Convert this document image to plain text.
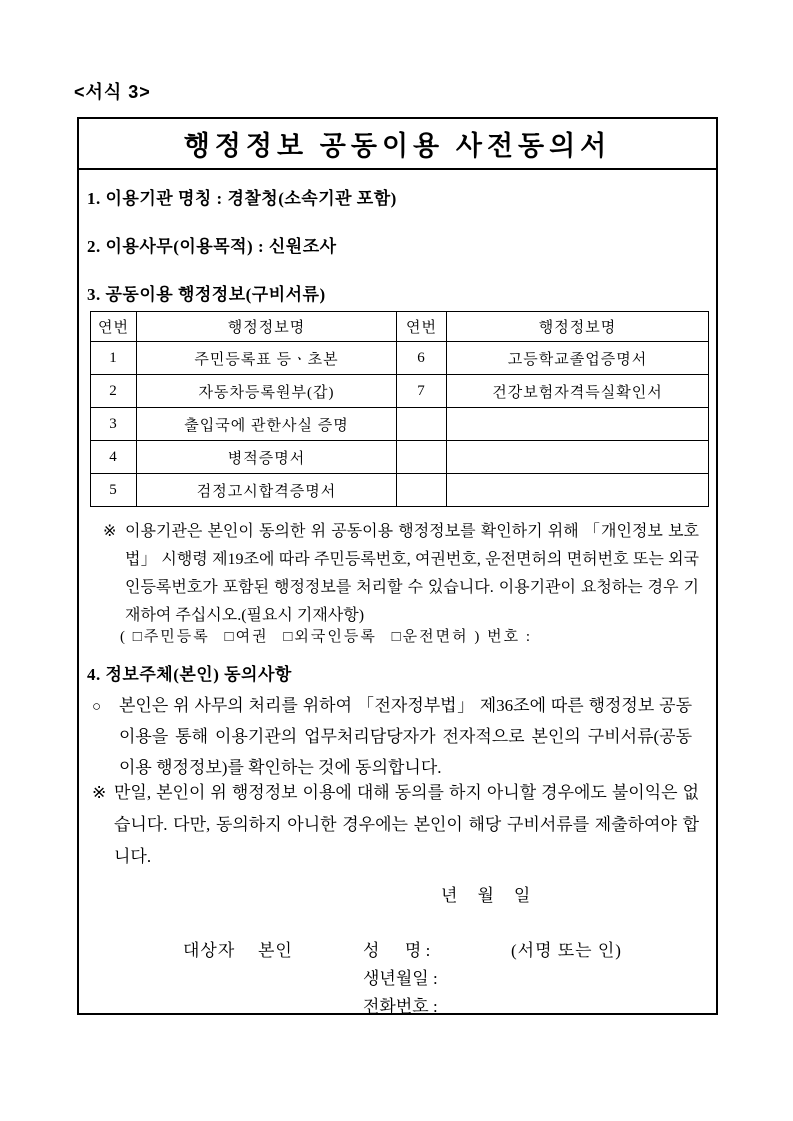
<서식 3>
행정정보 공동이용 사전동의서
1. 이용기관 명칭 : 경찰청(소속기관 포함)
2. 이용사무(이용목적) : 신원조사
3. 공동이용 행정정보(구비서류)
연번	행정정보명	연번	행정정보명
1	주민등록표 등ㆍ초본	6	고등학교졸업증명서
2	자동차등록원부(갑)	7	건강보험자격득실확인서
3	출입국에 관한사실 증명		
4	병적증명서		
5	검정고시합격증명서		
※ 이용기관은 본인이 동의한 위 공동이용 행정정보를 확인하기 위해 「개인정보 보호법」 시행령 제19조에 따라 주민등록번호, 여권번호, 운전면허의 면허번호 또는 외국인등록번호가 포함된 행정정보를 처리할 수 있습니다. 이용기관이 요청하는 경우 기재하여 주십시오.(필요시 기재사항)
( □주민등록 □여권 □외국인등록 □운전면허 ) 번호 :
4. 정보주체(본인) 동의사항
○	본인은 위 사무의 처리를 위하여 「전자정부법」 제36조에 따른 행정정보 공동이용을 통해 이용기관의 업무처리담당자가 전자적으로 본인의 구비서류(공동이용 행정정보)를 확인하는 것에 동의합니다.
※ 만일, 본인이 위 행정정보 이용에 대해 동의를 하지 아니할 경우에도 불이익은 없습니다. 다만, 동의하지 아니한 경우에는 본인이 해당 구비서류를 제출하여야 합니다.
년 월 일
대상자 본인	성      명 :	(서명 또는 인)
생년월일 :
전화번호 :
